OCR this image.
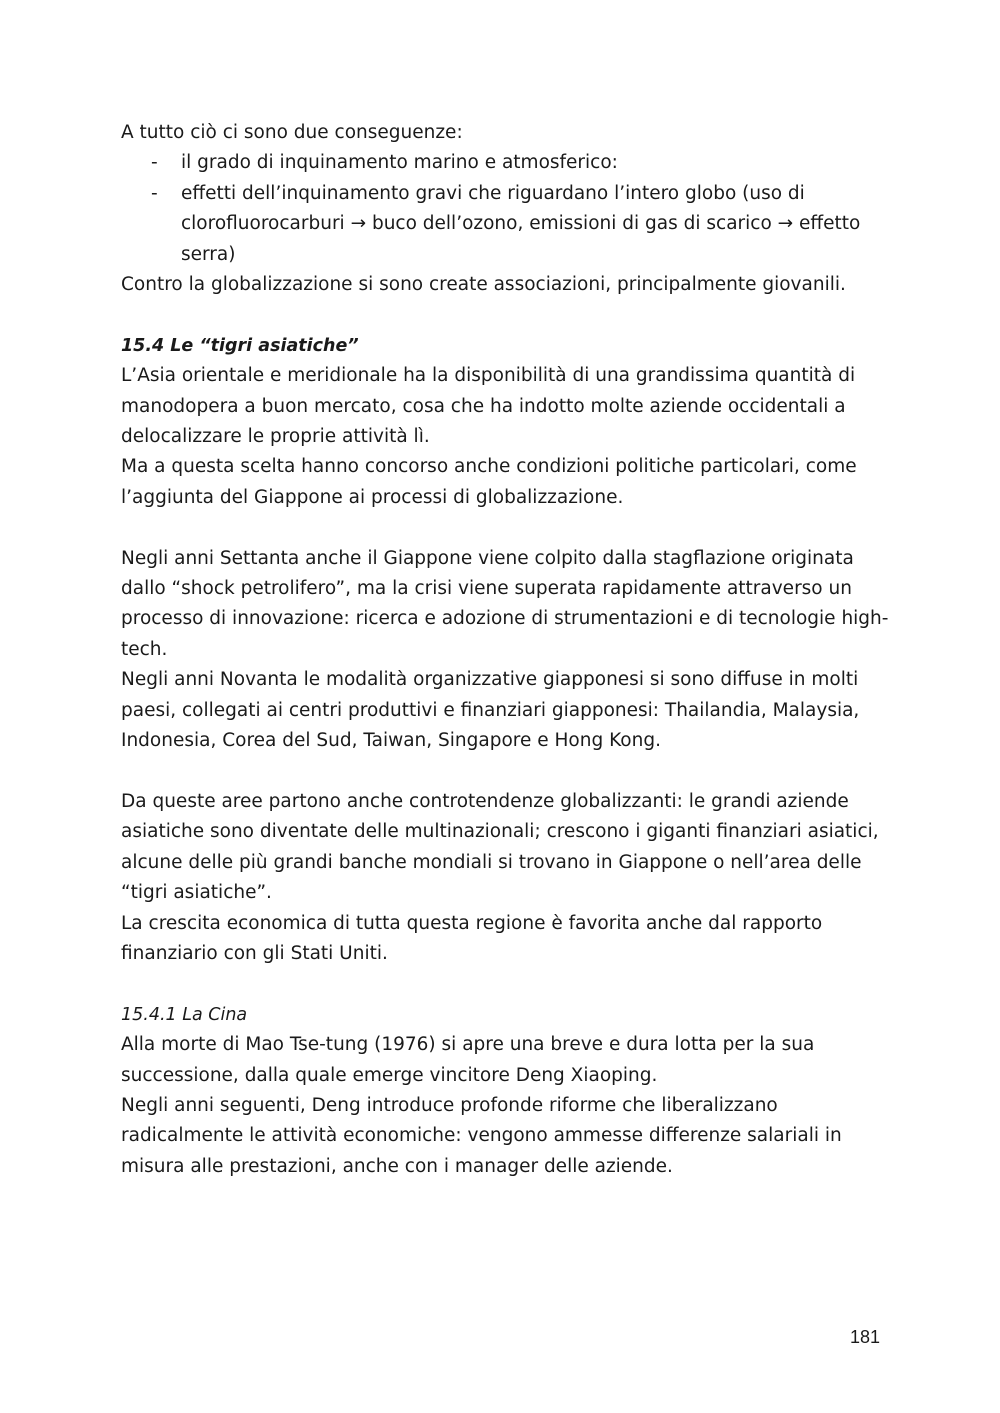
A tutto ciò ci sono due conseguenze:

- il grado di inquinamento marino e atmosferico:
- effetti dell’inquinamento gravi che riguardano l’intero globo (uso di clorofluorocarburi → buco dell’ozono, emissioni di gas di scarico → effetto serra)

Contro la globalizzazione si sono create associazioni, principalmente giovanili.

15.4 Le “tigri asiatiche”

L’Asia orientale e meridionale ha la disponibilità di una grandissima quantità di manodopera a buon mercato, cosa che ha indotto molte aziende occidentali a delocalizzare le proprie attività lì.

Ma a questa scelta hanno concorso anche condizioni politiche particolari, come l’aggiunta del Giappone ai processi di globalizzazione.

Negli anni Settanta anche il Giappone viene colpito dalla stagflazione originata dallo “shock petrolifero”, ma la crisi viene superata rapidamente attraverso un processo di innovazione: ricerca e adozione di strumentazioni e di tecnologie high-tech.

Negli anni Novanta le modalità organizzative giapponesi si sono diffuse in molti paesi, collegati ai centri produttivi e finanziari giapponesi: Thailandia, Malaysia, Indonesia, Corea del Sud, Taiwan, Singapore e Hong Kong.

Da queste aree partono anche controtendenze globalizzanti: le grandi aziende asiatiche sono diventate delle multinazionali; crescono i giganti finanziari asiatici, alcune delle più grandi banche mondiali si trovano in Giappone o nell’area delle “tigri asiatiche”.

La crescita economica di tutta questa regione è favorita anche dal rapporto finanziario con gli Stati Uniti.

15.4.1 La Cina

Alla morte di Mao Tse-tung (1976) si apre una breve e dura lotta per la sua successione, dalla quale emerge vincitore Deng Xiaoping.

Negli anni seguenti, Deng introduce profonde riforme che liberalizzano radicalmente le attività economiche: vengono ammesse differenze salariali in misura alle prestazioni, anche con i manager delle aziende.

181
